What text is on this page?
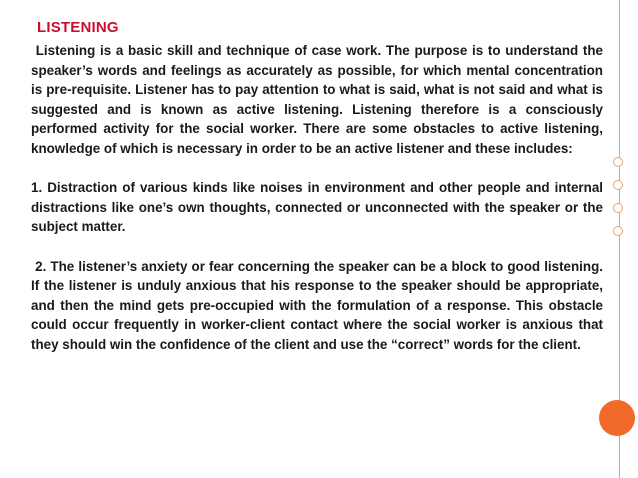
LISTENING

Listening is a basic skill and technique of case work. The purpose is to understand the speaker’s words and feelings as accurately as possible, for which mental concentration is pre-requisite. Listener has to pay attention to what is said, what is not said and what is suggested and is known as active listening. Listening therefore is a consciously performed activity for the social worker. There are some obstacles to active listening, knowledge of which is necessary in order to be an active listener and these includes:

1. Distraction of various kinds like noises in environment and other people and internal distractions like one’s own thoughts, connected or unconnected with the speaker or the subject matter.

2. The listener’s anxiety or fear concerning the speaker can be a block to good listening. If the listener is unduly anxious that his response to the speaker should be appropriate, and then the mind gets pre-occupied with the formulation of a response. This obstacle could occur frequently in worker-client contact where the social worker is anxious that they should win the confidence of the client and use the “correct” words for the client.
